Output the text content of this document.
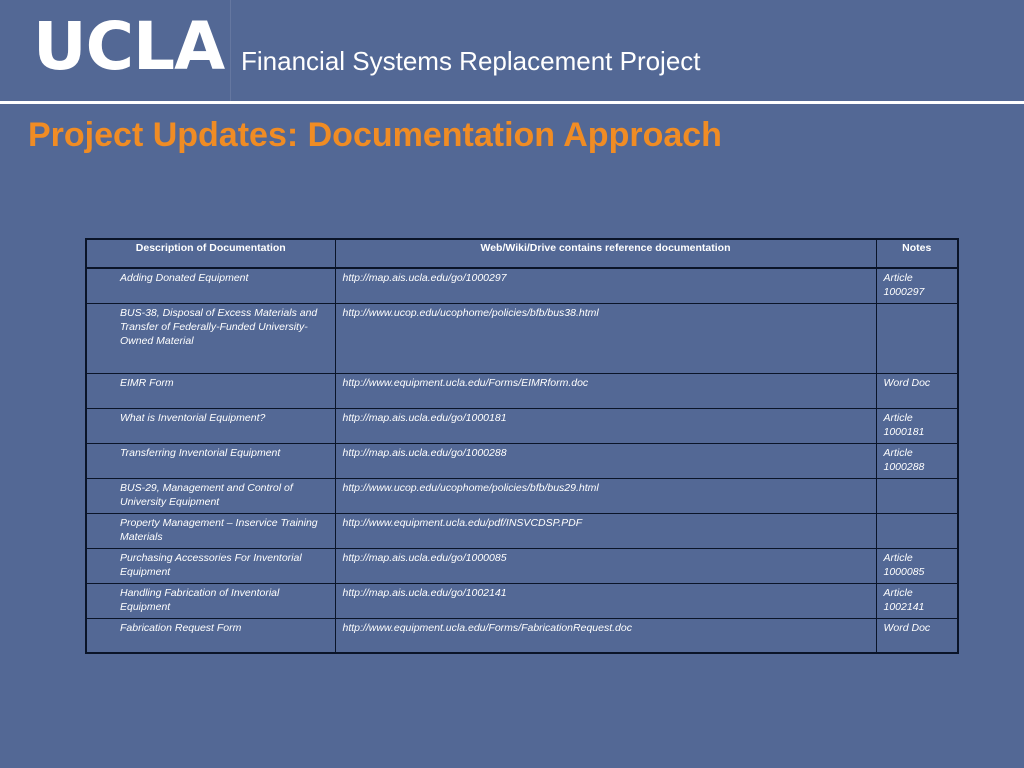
UCLA Financial Systems Replacement Project
Project Updates: Documentation Approach
Description of Documentation	Web/Wiki/Drive contains reference documentation	Notes
Adding Donated Equipment	http://map.ais.ucla.edu/go/1000297	Article 1000297
BUS-38, Disposal of Excess Materials and Transfer of Federally-Funded University-Owned Material	http://www.ucop.edu/ucophome/policies/bfb/bus38.html	
EIMR Form	http://www.equipment.ucla.edu/Forms/EIMRform.doc	Word Doc
What is Inventorial Equipment?	http://map.ais.ucla.edu/go/1000181	Article 1000181
Transferring Inventorial Equipment	http://map.ais.ucla.edu/go/1000288	Article 1000288
BUS-29, Management and Control of University Equipment	http://www.ucop.edu/ucophome/policies/bfb/bus29.html	
Property Management – Inservice Training Materials	http://www.equipment.ucla.edu/pdf/INSVCDSP.PDF	
Purchasing Accessories For Inventorial Equipment	http://map.ais.ucla.edu/go/1000085	Article 1000085
Handling Fabrication of Inventorial Equipment	http://map.ais.ucla.edu/go/1002141	Article 1002141
Fabrication Request Form	http://www.equipment.ucla.edu/Forms/FabricationRequest.doc	Word Doc
